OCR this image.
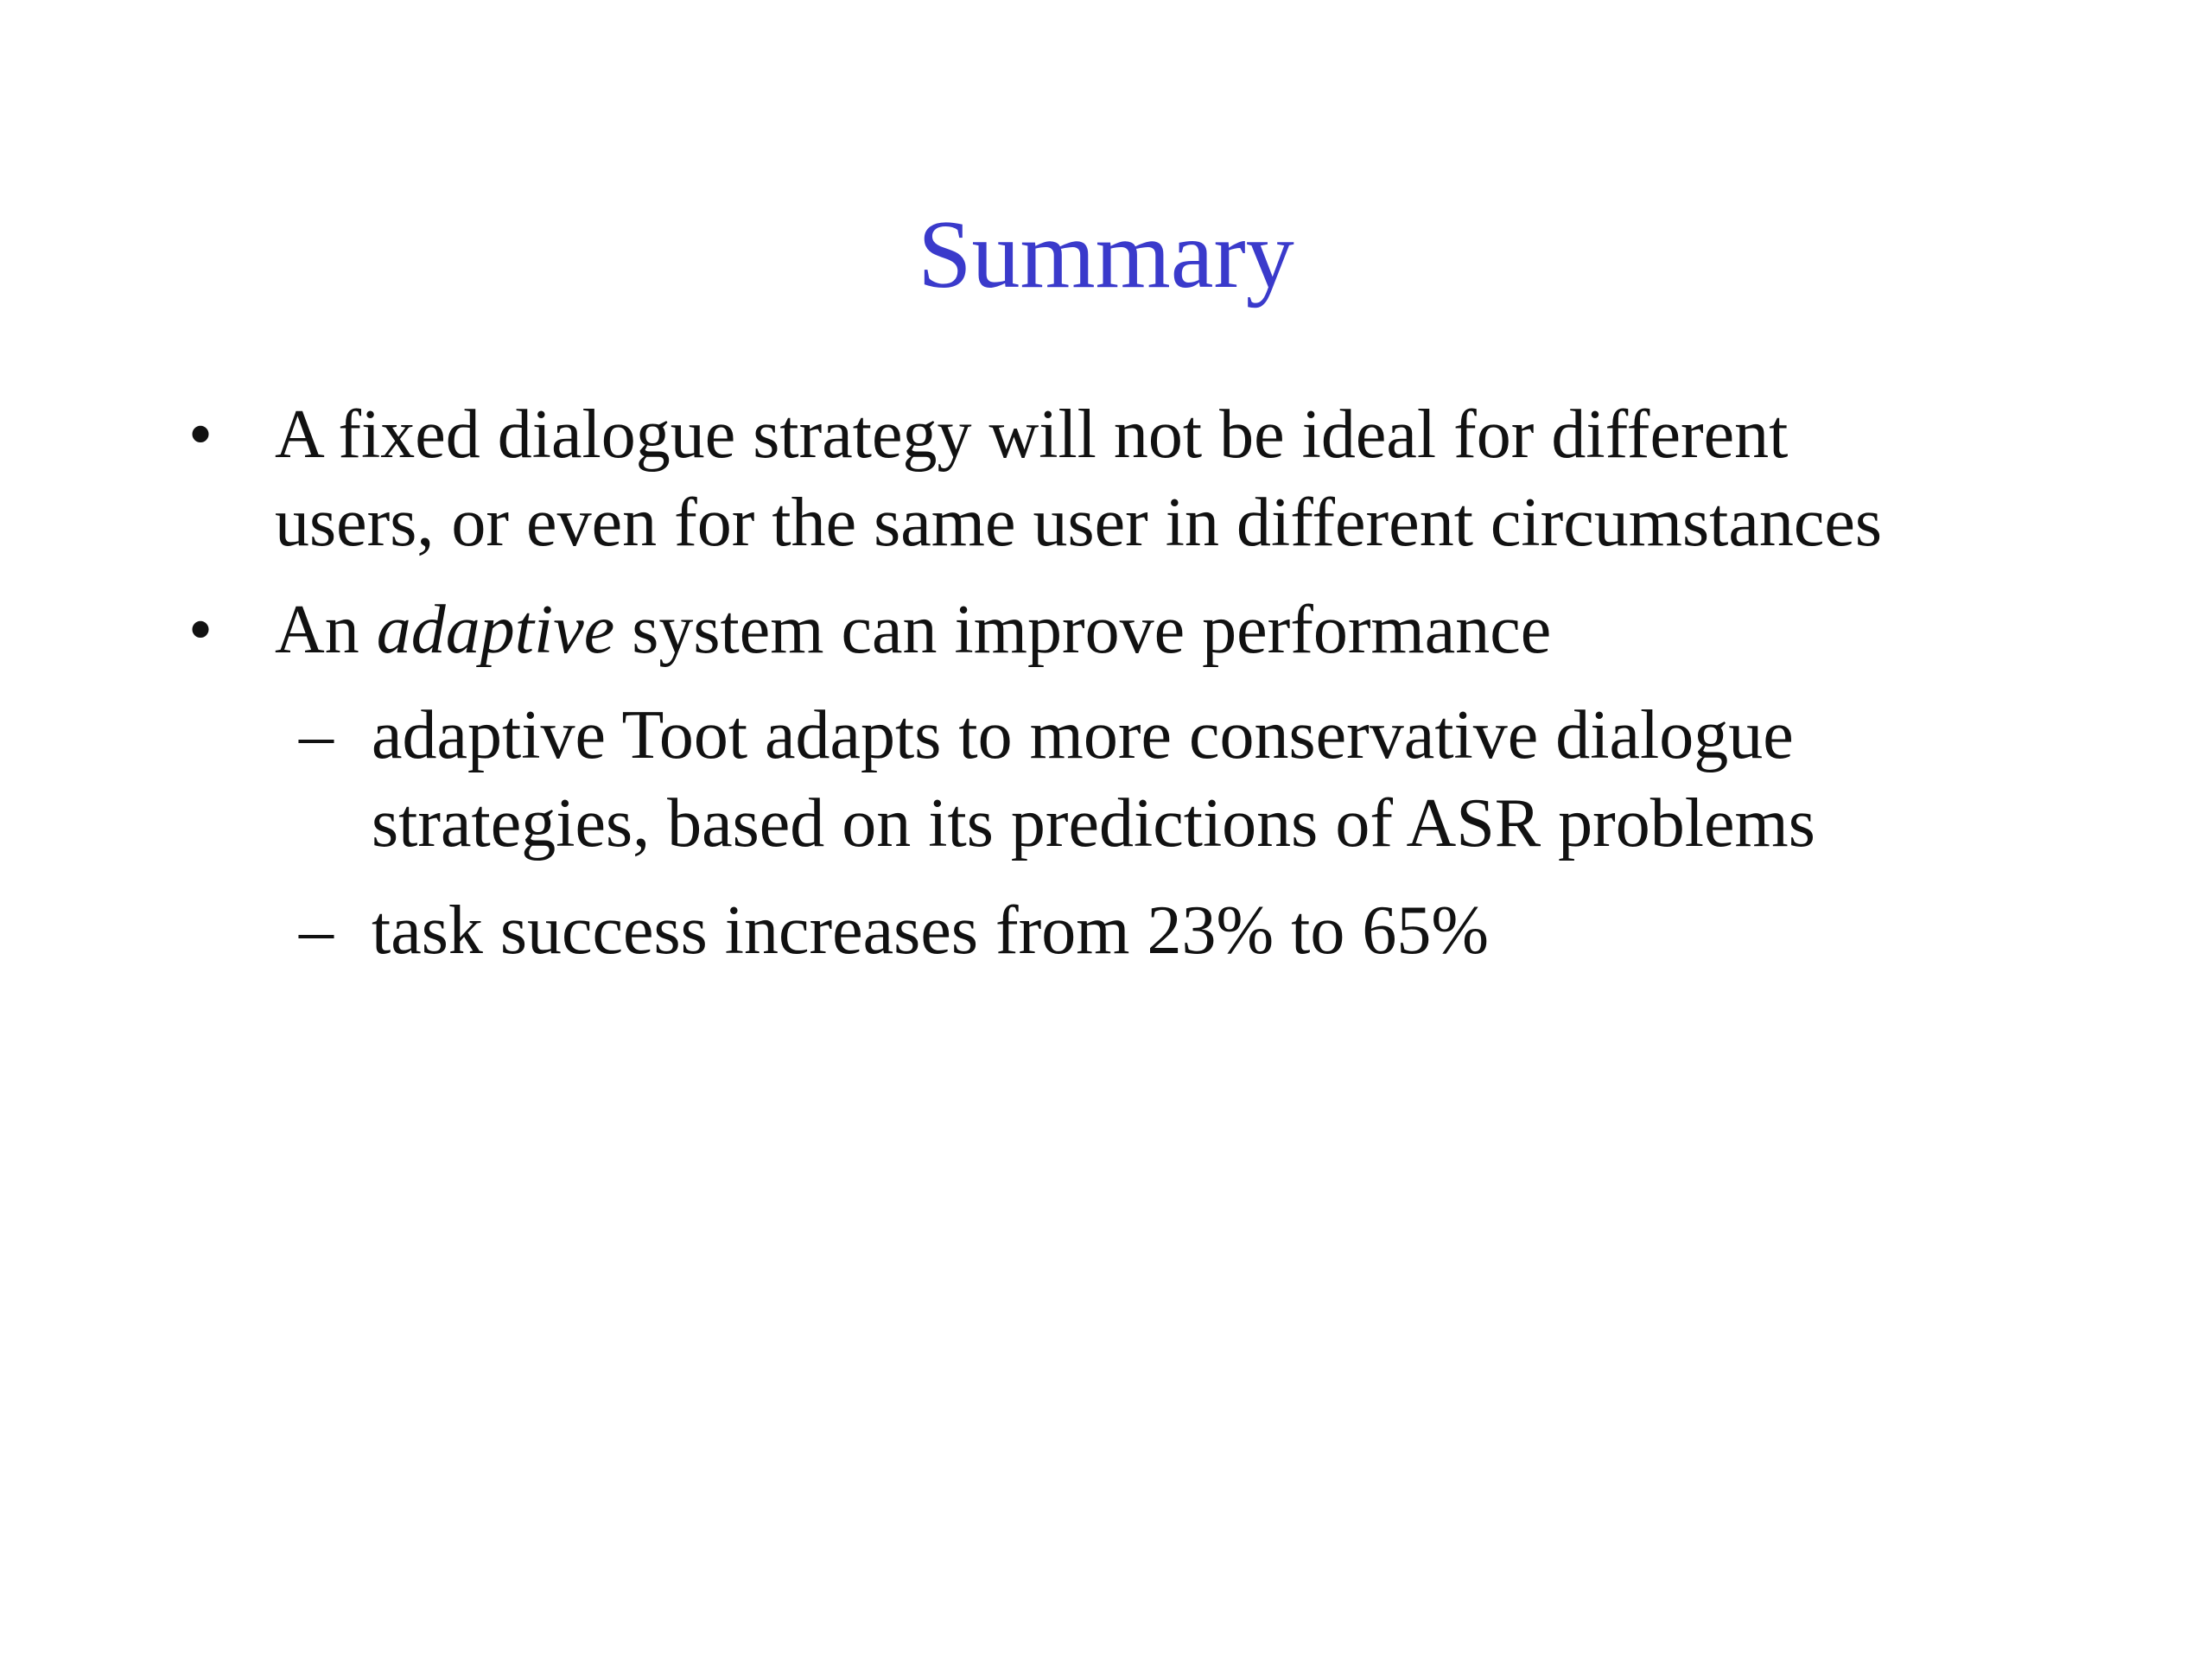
Summary
• A fixed dialogue strategy will not be ideal for different
users, or even for the same user in different circumstances
• An adaptive system can improve performance
– adaptive Toot adapts to more conservative dialogue
strategies, based on its predictions of ASR problems
– task success increases from 23% to 65%
